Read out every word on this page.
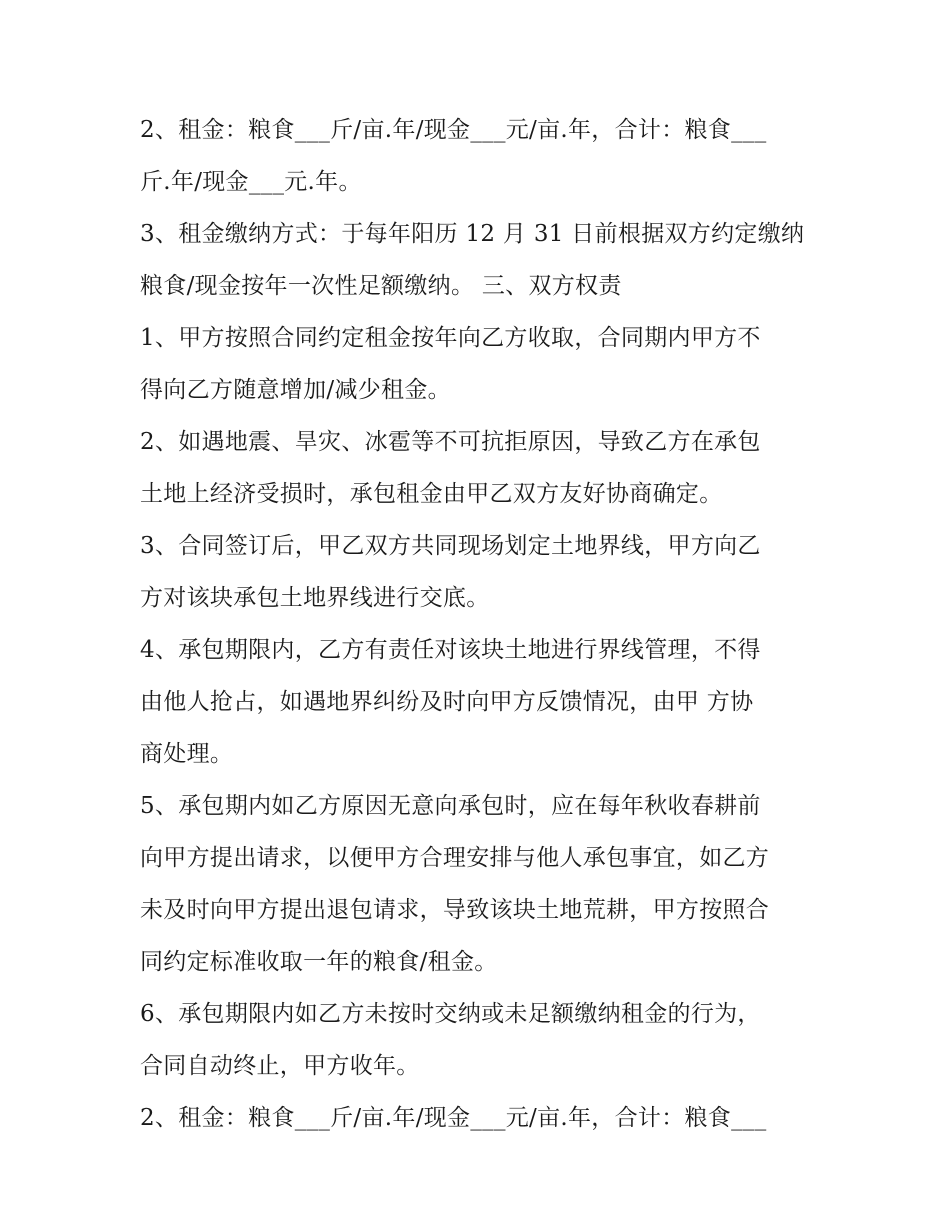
2、租金：粮食___斤/亩.年/现金___元/亩.年，合计：粮食___
斤.年/现金___元.年。

3、租金缴纳方式：于每年阳历 12 月 31 日前根据双方约定缴纳
粮食/现金按年一次性足额缴纳。 三、双方权责

1、甲方按照合同约定租金按年向乙方收取，合同期内甲方不
得向乙方随意增加/减少租金。

2、如遇地震、旱灾、冰雹等不可抗拒原因，导致乙方在承包
土地上经济受损时，承包租金由甲乙双方友好协商确定。

3、合同签订后，甲乙双方共同现场划定土地界线，甲方向乙
方对该块承包土地界线进行交底。

4、承包期限内，乙方有责任对该块土地进行界线管理，不得
由他人抢占，如遇地界纠纷及时向甲方反馈情况，由甲 方协
商处理。

5、承包期内如乙方原因无意向承包时，应在每年秋收春耕前
向甲方提出请求，以便甲方合理安排与他人承包事宜，如乙方
未及时向甲方提出退包请求，导致该块土地荒耕，甲方按照合
同约定标准收取一年的粮食/租金。

6、承包期限内如乙方未按时交纳或未足额缴纳租金的行为，
合同自动终止，甲方收年。

2、租金：粮食___斤/亩.年/现金___元/亩.年，合计：粮食___
